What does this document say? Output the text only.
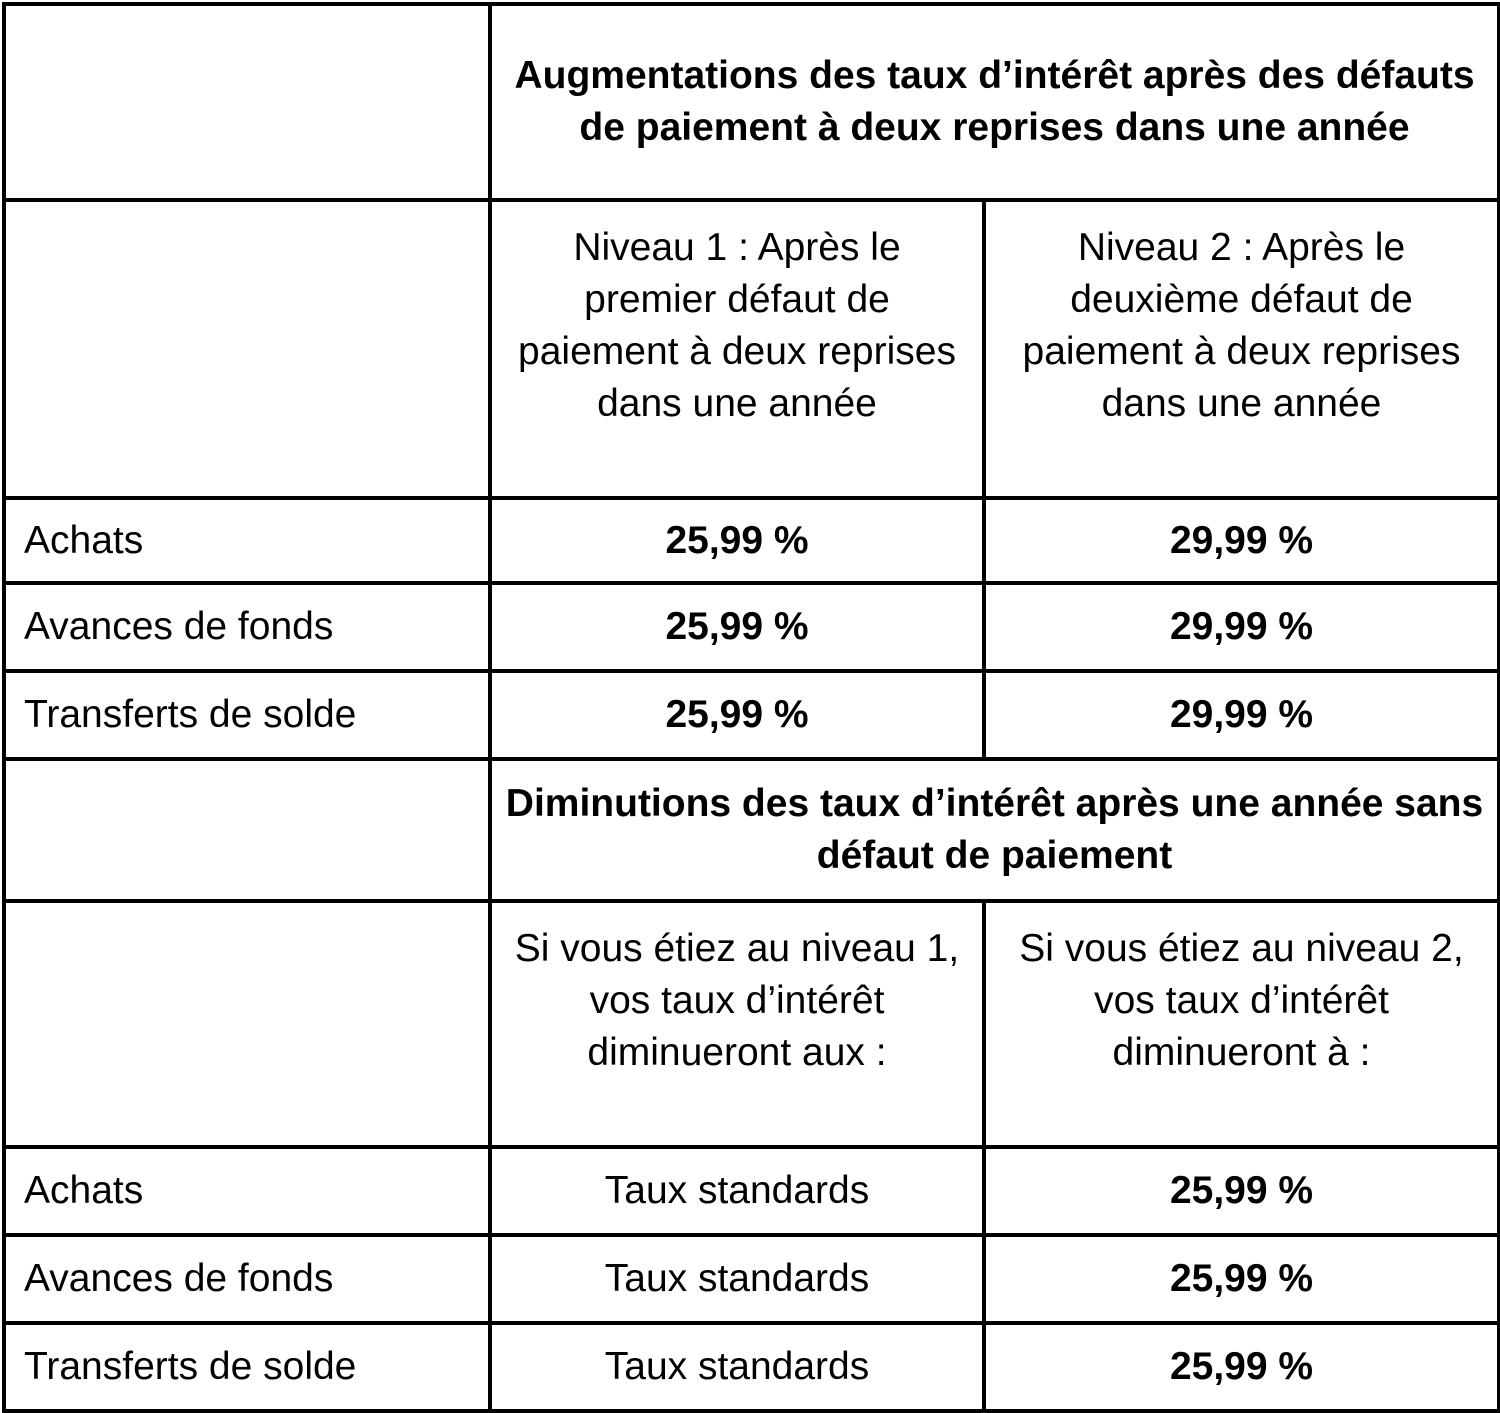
	Augmentations des taux d’intérêt après des défauts de paiement à deux reprises dans une année	
	Niveau 1 : Après le premier défaut de paiement à deux reprises dans une année	Niveau 2 : Après le deuxième défaut de paiement à deux reprises dans une année
Achats	25,99 %	29,99 %
Avances de fonds	25,99 %	29,99 %
Transferts de solde	25,99 %	29,99 %
	Diminutions des taux d’intérêt après une année sans défaut de paiement	
	Si vous étiez au niveau 1, vos taux d’intérêt diminueront aux :	Si vous étiez au niveau 2, vos taux d’intérêt diminueront à :
Achats	Taux standards	25,99 %
Avances de fonds	Taux standards	25,99 %
Transferts de solde	Taux standards	25,99 %
